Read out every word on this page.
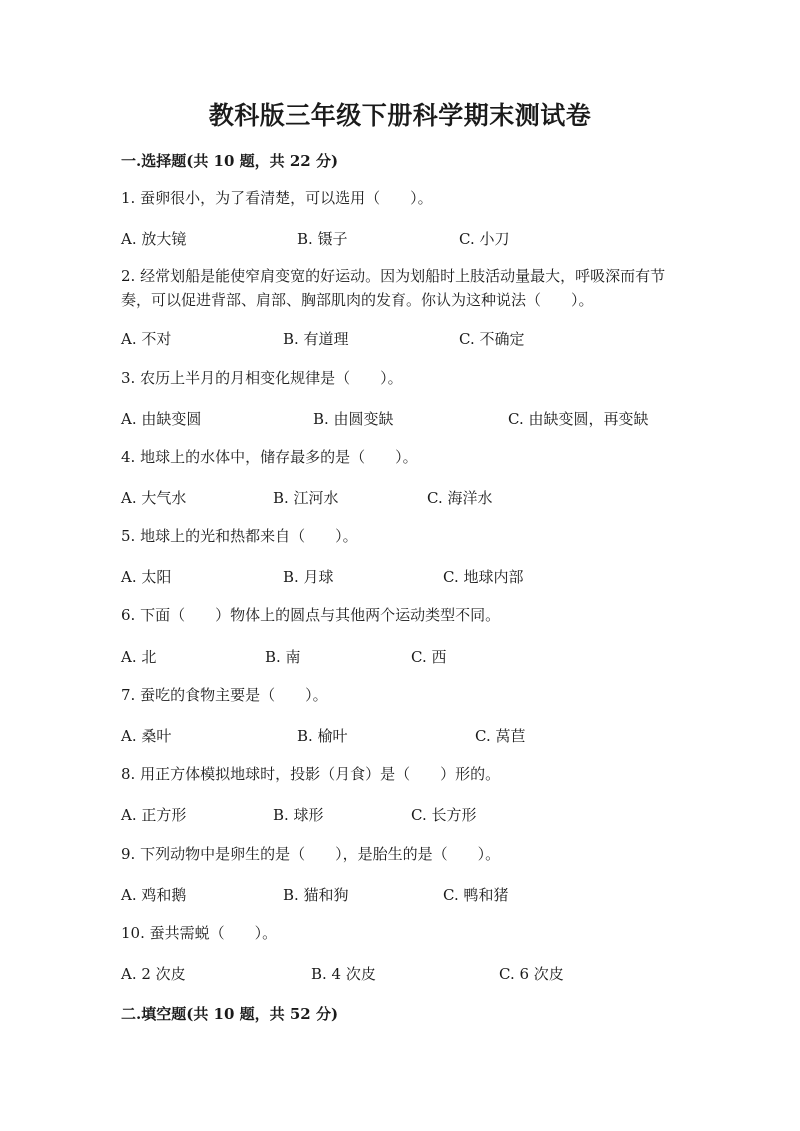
教科版三年级下册科学期末测试卷
一.选择题(共 10 题，共 22 分)
1. 蚕卵很小，为了看清楚，可以选用（　　）。
A. 放大镜	B. 镊子	C. 小刀
2. 经常划船是能使窄肩变宽的好运动。因为划船时上肢活动量最大，呼吸深而有节奏，可以促进背部、肩部、胸部肌肉的发育。你认为这种说法（　　）。
A. 不对	B. 有道理	C. 不确定
3. 农历上半月的月相变化规律是（　　）。
A. 由缺变圆	B. 由圆变缺	C. 由缺变圆，再变缺
4. 地球上的水体中，储存最多的是（　　）。
A. 大气水	B. 江河水	C. 海洋水
5. 地球上的光和热都来自（　　）。
A. 太阳	B. 月球	C. 地球内部
6. 下面（　　）物体上的圆点与其他两个运动类型不同。
A. 北	B. 南	C. 西
7. 蚕吃的食物主要是（　　）。
A. 桑叶	B. 榆叶	C. 莴苣
8. 用正方体模拟地球时，投影（月食）是（　　）形的。
A. 正方形	B. 球形	C. 长方形
9. 下列动物中是卵生的是（　　），是胎生的是（　　）。
A. 鸡和鹅	B. 猫和狗	C. 鸭和猪
10. 蚕共需蜕（　　）。
A. 2 次皮	B. 4 次皮	C. 6 次皮
二.填空题(共 10 题，共 52 分)
